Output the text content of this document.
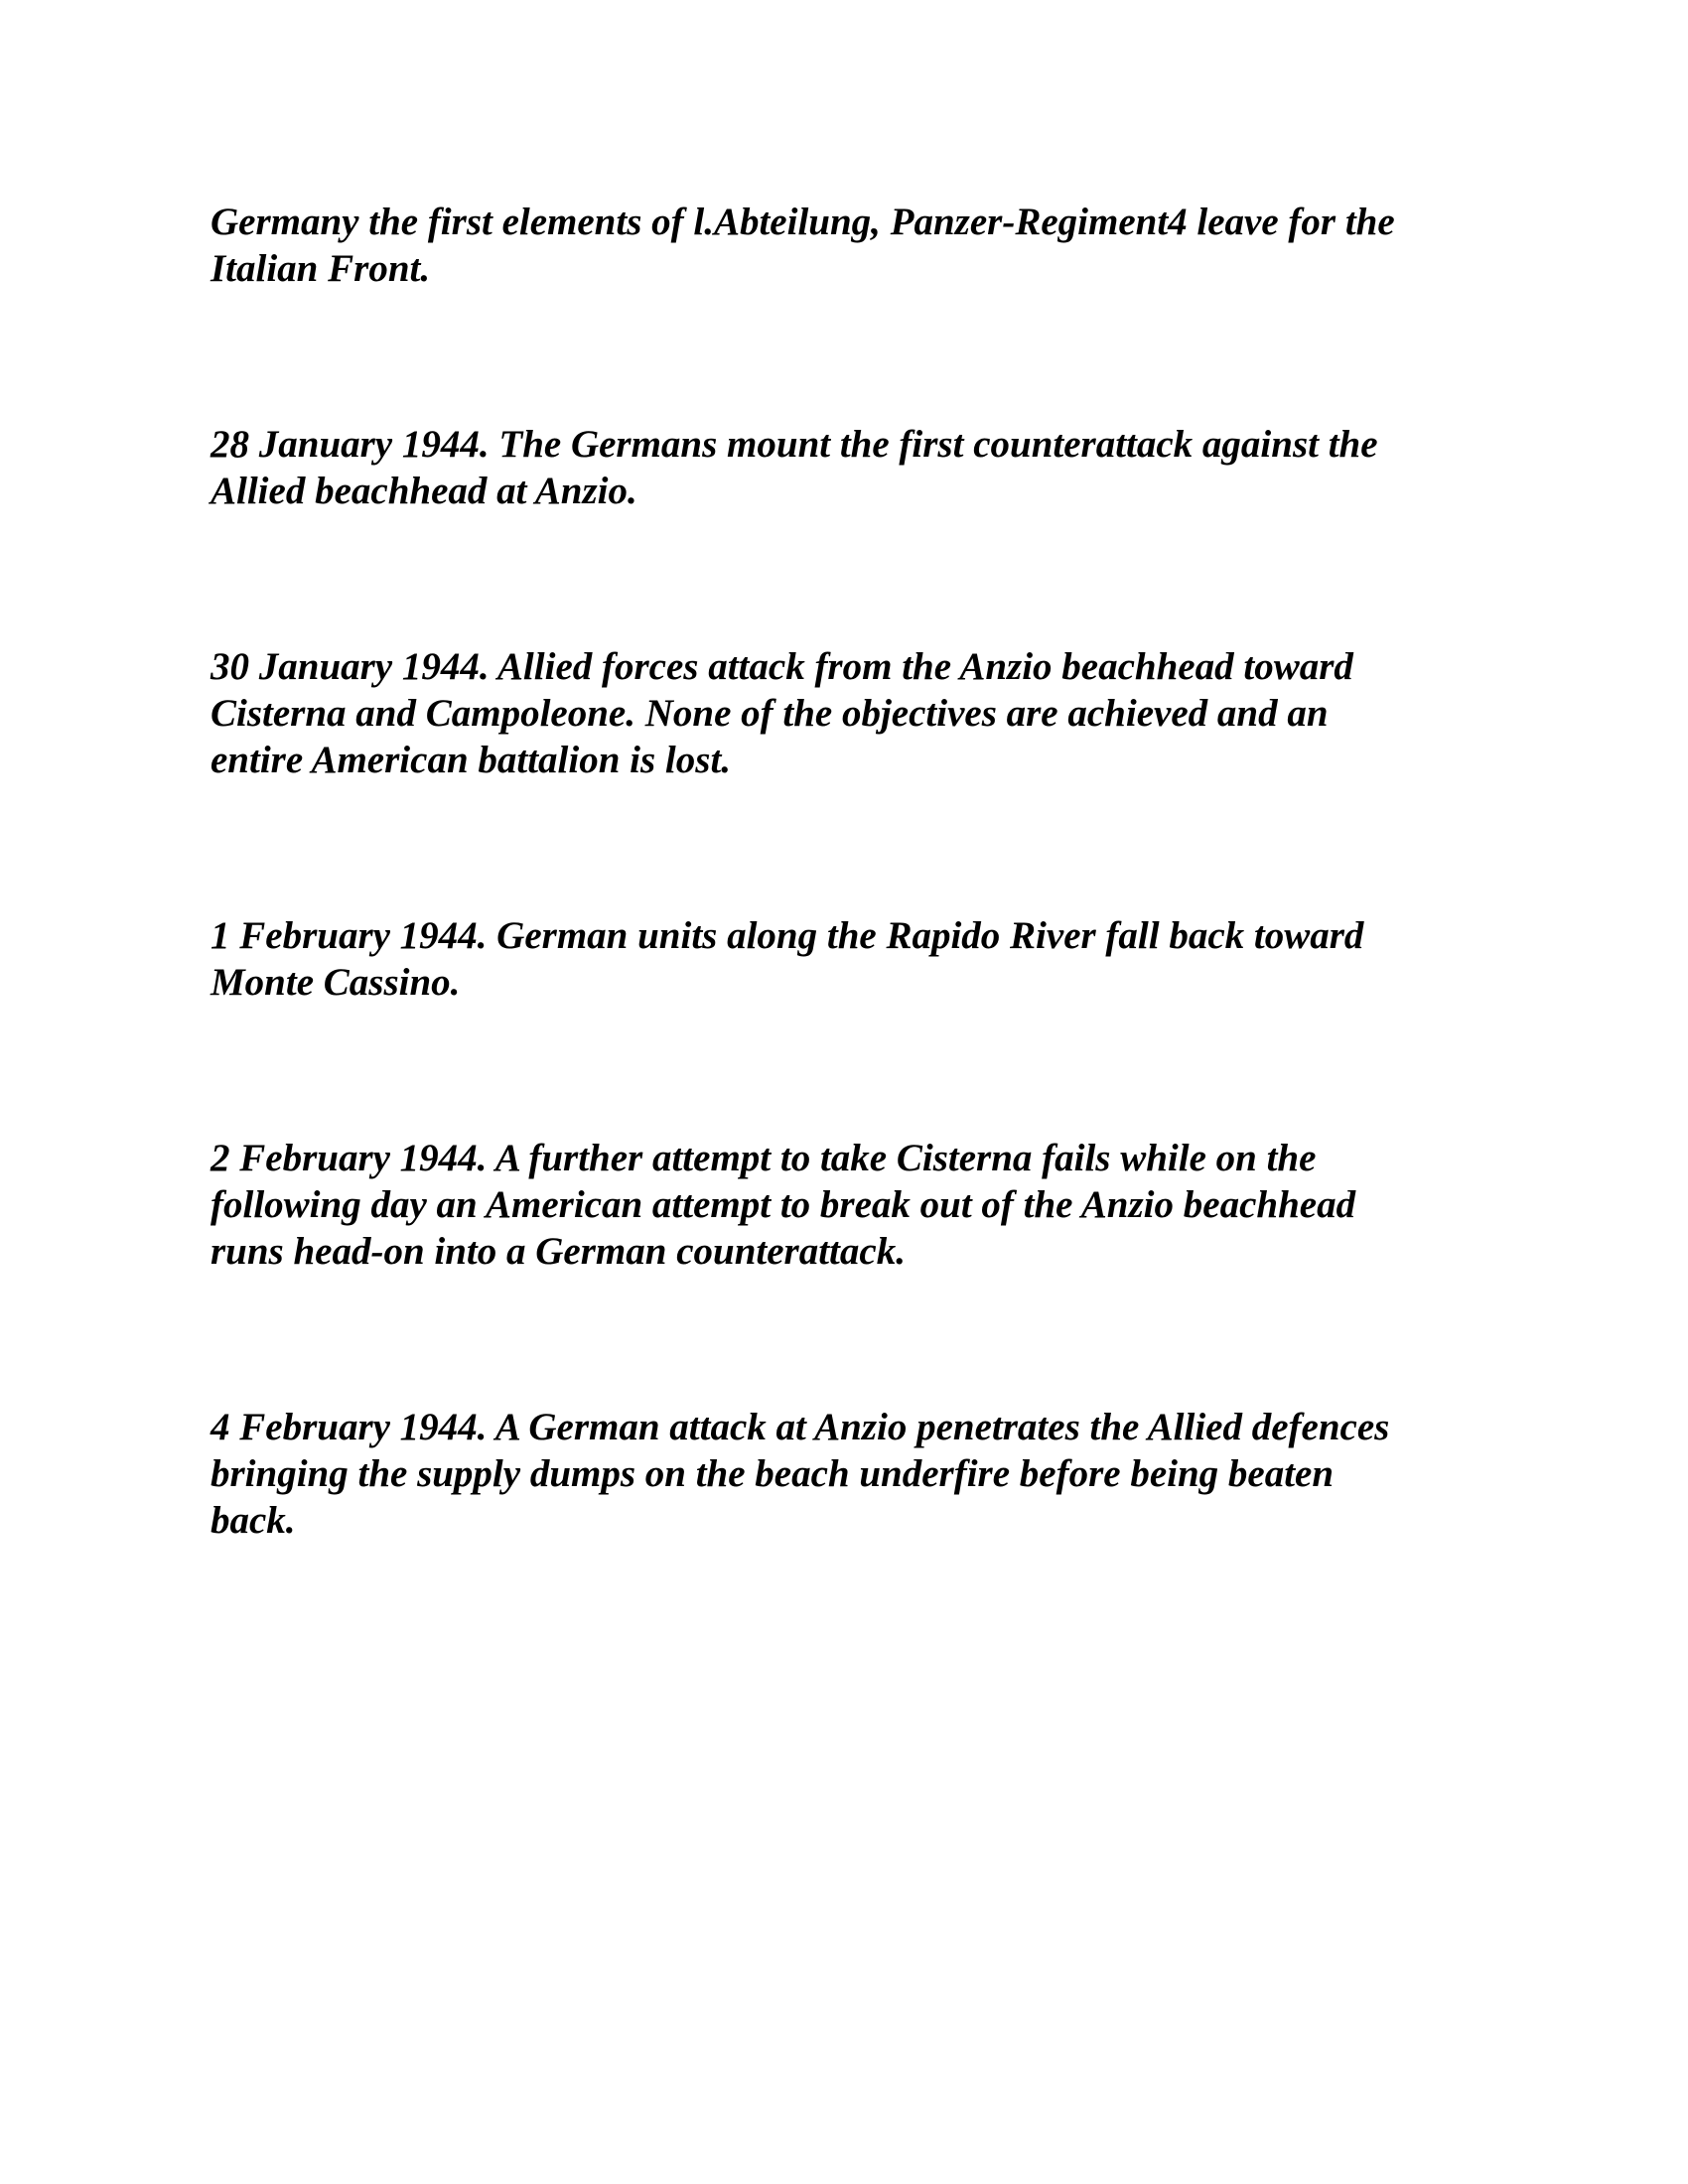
Germany the first elements of l.Abteilung, Panzer-Regiment4 leave for the
Italian Front.

28 January 1944. The Germans mount the first counterattack against the
Allied beachhead at Anzio.

30 January 1944. Allied forces attack from the Anzio beachhead toward
Cisterna and Campoleone. None of the objectives are achieved and an
entire American battalion is lost.

1 February 1944. German units along the Rapido River fall back toward
Monte Cassino.

2 February 1944. A further attempt to take Cisterna fails while on the
following day an American attempt to break out of the Anzio beachhead
runs head-on into a German counterattack.

4 February 1944. A German attack at Anzio penetrates the Allied defences
bringing the supply dumps on the beach underfire before being beaten
back.
